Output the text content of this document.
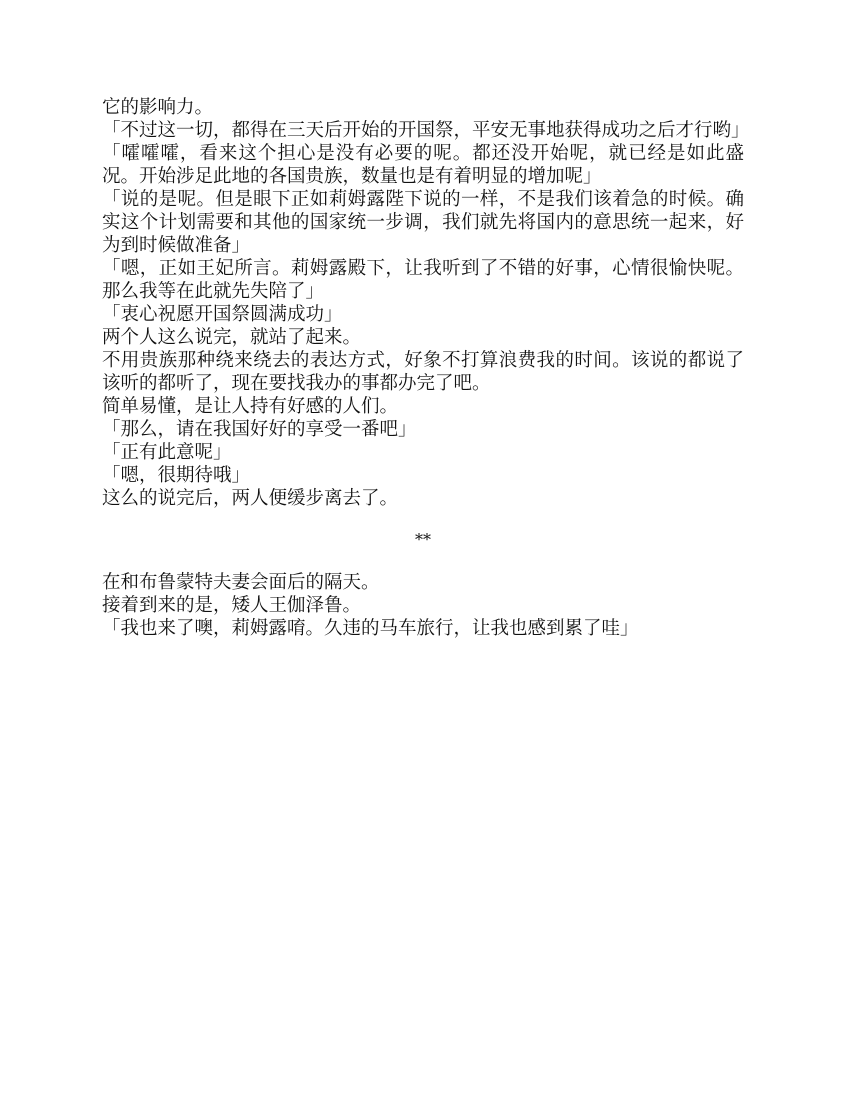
它的影响力。

「不过这一切，都得在三天后开始的开国祭，平安无事地获得成功之后才行哟」

「嚯嚯嚯，看来这个担心是没有必要的呢。都还没开始呢，就已经是如此盛况。开始涉足此地的各国贵族，数量也是有着明显的增加呢」

「说的是呢。但是眼下正如莉姆露陛下说的一样，不是我们该着急的时候。确实这个计划需要和其他的国家统一步调，我们就先将国内的意思统一起来，好为到时候做准备」

「嗯，正如王妃所言。莉姆露殿下，让我听到了不错的好事，心情很愉快呢。那么我等在此就先失陪了」

「衷心祝愿开国祭圆满成功」

两个人这么说完，就站了起来。

不用贵族那种绕来绕去的表达方式，好象不打算浪费我的时间。该说的都说了该听的都听了，现在要找我办的事都办完了吧。

简单易懂，是让人持有好感的人们。

「那么，请在我国好好的享受一番吧」

「正有此意呢」

「嗯，很期待哦」

这么的说完后，两人便缓步离去了。

**

在和布鲁蒙特夫妻会面后的隔天。

接着到来的是，矮人王伽泽鲁。

「我也来了噢，莉姆露唷。久违的马车旅行，让我也感到累了哇」
